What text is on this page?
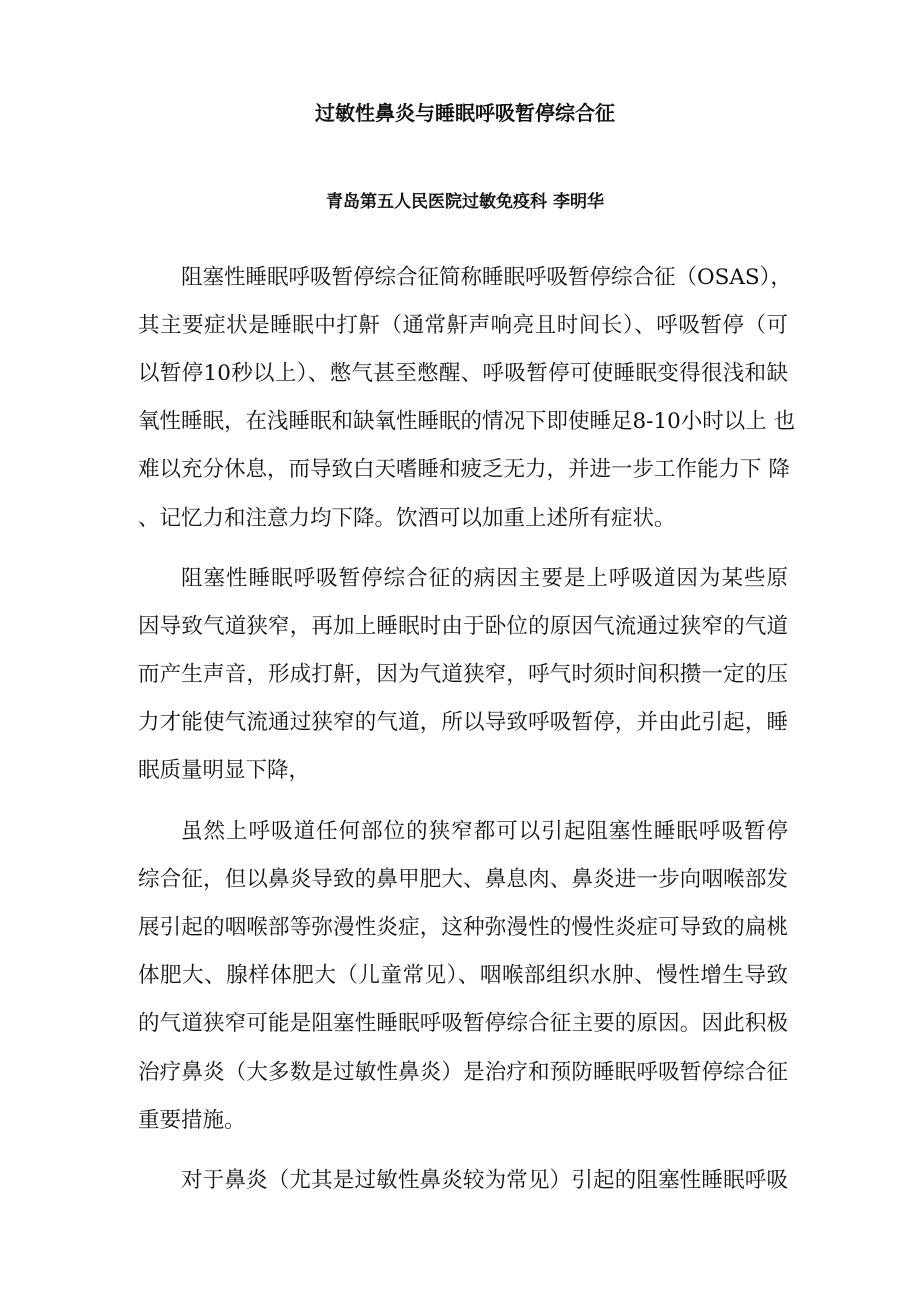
过敏性鼻炎与睡眠呼吸暂停综合征
青岛第五人民医院过敏免疫科 李明华
阻塞性睡眠呼吸暂停综合征简称睡眠呼吸暂停综合征（OSAS），
其主要症状是睡眠中打鼾（通常鼾声响亮且时间长）、呼吸暂停（可
以暂停10秒以上）、憋气甚至憋醒、呼吸暂停可使睡眠变得很浅和缺
氧性睡眠，在浅睡眠和缺氧性睡眠的情况下即使睡足8-10小时以上 也
难以充分休息，而导致白天嗜睡和疲乏无力，并进一步工作能力下 降
、记忆力和注意力均下降。饮酒可以加重上述所有症状。
阻塞性睡眠呼吸暂停综合征的病因主要是上呼吸道因为某些原
因导致气道狭窄，再加上睡眠时由于卧位的原因气流通过狭窄的气道
而产生声音，形成打鼾，因为气道狭窄，呼气时须时间积攒一定的压
力才能使气流通过狭窄的气道，所以导致呼吸暂停，并由此引起，睡
眠质量明显下降，
虽然上呼吸道任何部位的狭窄都可以引起阻塞性睡眠呼吸暂停
综合征，但以鼻炎导致的鼻甲肥大、鼻息肉、鼻炎进一步向咽喉部发
展引起的咽喉部等弥漫性炎症，这种弥漫性的慢性炎症可导致的扁桃
体肥大、腺样体肥大（儿童常见）、咽喉部组织水肿、慢性增生导致
的气道狭窄可能是阻塞性睡眠呼吸暂停综合征主要的原因。因此积极
治疗鼻炎（大多数是过敏性鼻炎）是治疗和预防睡眠呼吸暂停综合征
重要措施。
对于鼻炎（尤其是过敏性鼻炎较为常见）引起的阻塞性睡眠呼吸
